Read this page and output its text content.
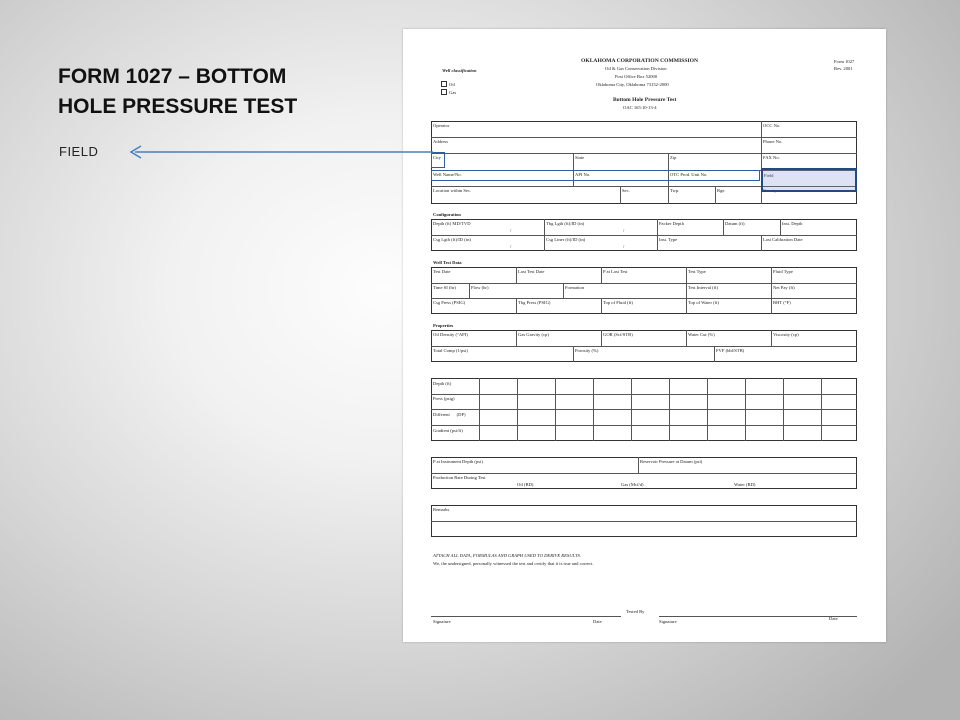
FORM 1027 – BOTTOM
HOLE PRESSURE TEST
FIELD
Well classification
Oil
Gas
OKLAHOMA CORPORATION COMMISSION
Oil & Gas Conservation Division
Post Office Box 52000
Oklahoma City, Oklahoma 73152-2000
Bottom Hole Pressure Test
OAC 165:10-13-4
Form 1027
Rev. 2001
Operator	OCC No.
Address	Phone No.
City	State	Zip	FAX No.
Well Name/No.	API No.	OTC Prod. Unit No.	Field
Location within Sec.	Sec.	Twp.	Rge.	County
Configuration
Depth (ft) MD/TVD	Tbg Lgth (ft)/ID (in)	Packer Depth	Datum (ft)	Inst. Depth
/	/
Csg Lgth (ft)/ID (in)	Csg Liner (ft)/ID (in)	Inst. Type	Last Calibration Date
/	/
Well Test Data
Test Date	Last Test Date	P at Last Test	Test Type	Fluid Type
Time SI (hr)	Flow (hr)	Formation	Test Interval (ft)	Net Pay (ft)
Csg Press (PSIG)	Tbg Press (PSIG)	Top of Fluid (ft)	Top of Water (ft)	BHT (°F)
Properties
Oil Density (°API)	Gas Gravity (cp)	GOR (Scf/STB)	Water Cut (%)	Viscosity (cp)
Total Comp (1/psi)	Porosity (%)	FVF (bbl/STB)
Depth (ft)
Press (psig)
Different      (DP)
Gradient (psi/ft)
P at Instrument Depth (psi)	Reservoir Pressure at Datum (psi)
Production Rate During Test
Oil (BD)	Gas (Mcf/d)	Water (BD)
Remarks
ATTACH ALL DATA, FORMULAS AND GRAPH USED TO DERIVE RESULTS.
We, the undersigned, personally witnessed the test and certify that it is true and correct.
Tested By
Signature	Date	Signature
Date
